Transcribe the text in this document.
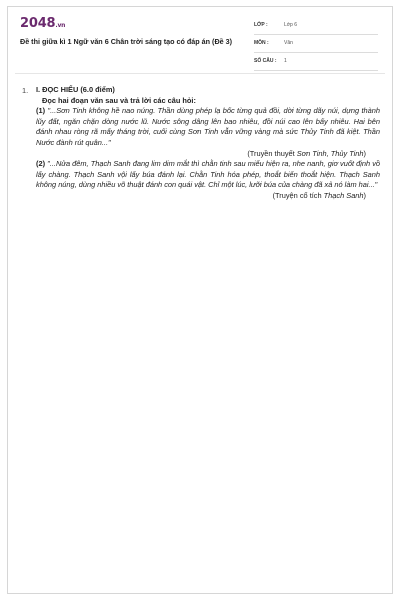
2048.vn
Đề thi giữa kì 1 Ngữ văn 6 Chân trời sáng tạo có đáp án (Đề 3)
LỚP :	Lớp 6
MÔN :	Văn
SỐ CÂU : 1
1. I. ĐỌC HIỂU (6.0 điểm)
Đọc hai đoạn văn sau và trả lời các câu hỏi:
(1) "...Sơn Tinh không hề nao núng. Thần dùng phép lạ bốc từng quả đồi, dời từng dãy núi, dựng thành lũy đất, ngăn chặn dòng nước lũ. Nước sông dâng lên bao nhiêu, đồi núi cao lên bấy nhiêu. Hai bên đánh nhau ròng rã mấy tháng trời, cuối cùng Sơn Tinh vẫn vững vàng mà sức Thủy Tinh đã kiệt. Thần Nước đành rút quân..."
(Truyền thuyết Sơn Tinh, Thủy Tinh)
(2) "...Nửa đêm, Thạch Sanh đang lim dim mắt thì chằn tinh sau miếu hiện ra, nhe nanh, giơ vuốt định vồ lấy chàng. Thạch Sanh vội lấy búa đánh lại. Chằn Tinh hóa phép, thoắt biến thoắt hiện. Thạch Sanh không núng, dùng nhiều võ thuật đánh con quái vật. Chỉ một lúc, lưỡi búa của chàng đã xả nó làm hai..."
(Truyện cổ tích Thạch Sanh)
